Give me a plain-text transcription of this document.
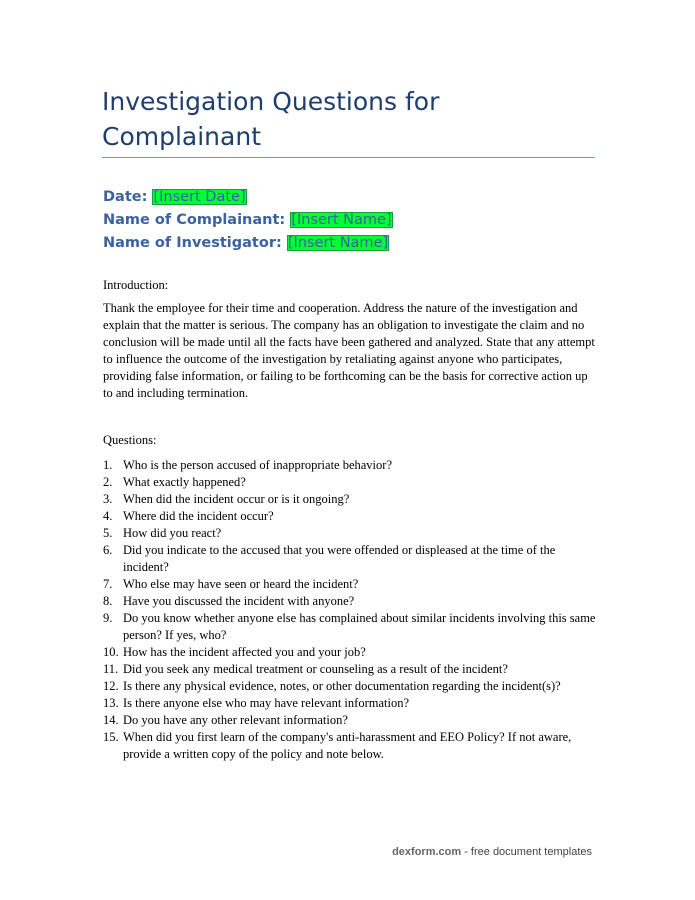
Investigation Questions for
Complainant
Date: [Insert Date]
Name of Complainant: [Insert Name]
Name of Investigator: [Insert Name]
Introduction:

Thank the employee for their time and cooperation. Address the nature of the investigation and explain that the matter is serious. The company has an obligation to investigate the claim and no conclusion will be made until all the facts have been gathered and analyzed. State that any attempt to influence the outcome of the investigation by retaliating against anyone who participates, providing false information, or failing to be forthcoming can be the basis for corrective action up to and including termination.

Questions:
1. Who is the person accused of inappropriate behavior?
2. What exactly happened?
3. When did the incident occur or is it ongoing?
4. Where did the incident occur?
5. How did you react?
6. Did you indicate to the accused that you were offended or displeased at the time of the incident?
7. Who else may have seen or heard the incident?
8. Have you discussed the incident with anyone?
9. Do you know whether anyone else has complained about similar incidents involving this same person? If yes, who?
10. How has the incident affected you and your job?
11. Did you seek any medical treatment or counseling as a result of the incident?
12. Is there any physical evidence, notes, or other documentation regarding the incident(s)?
13. Is there anyone else who may have relevant information?
14. Do you have any other relevant information?
15. When did you first learn of the company's anti-harassment and EEO Policy? If not aware, provide a written copy of the policy and note below.
dexform.com - free document templates
